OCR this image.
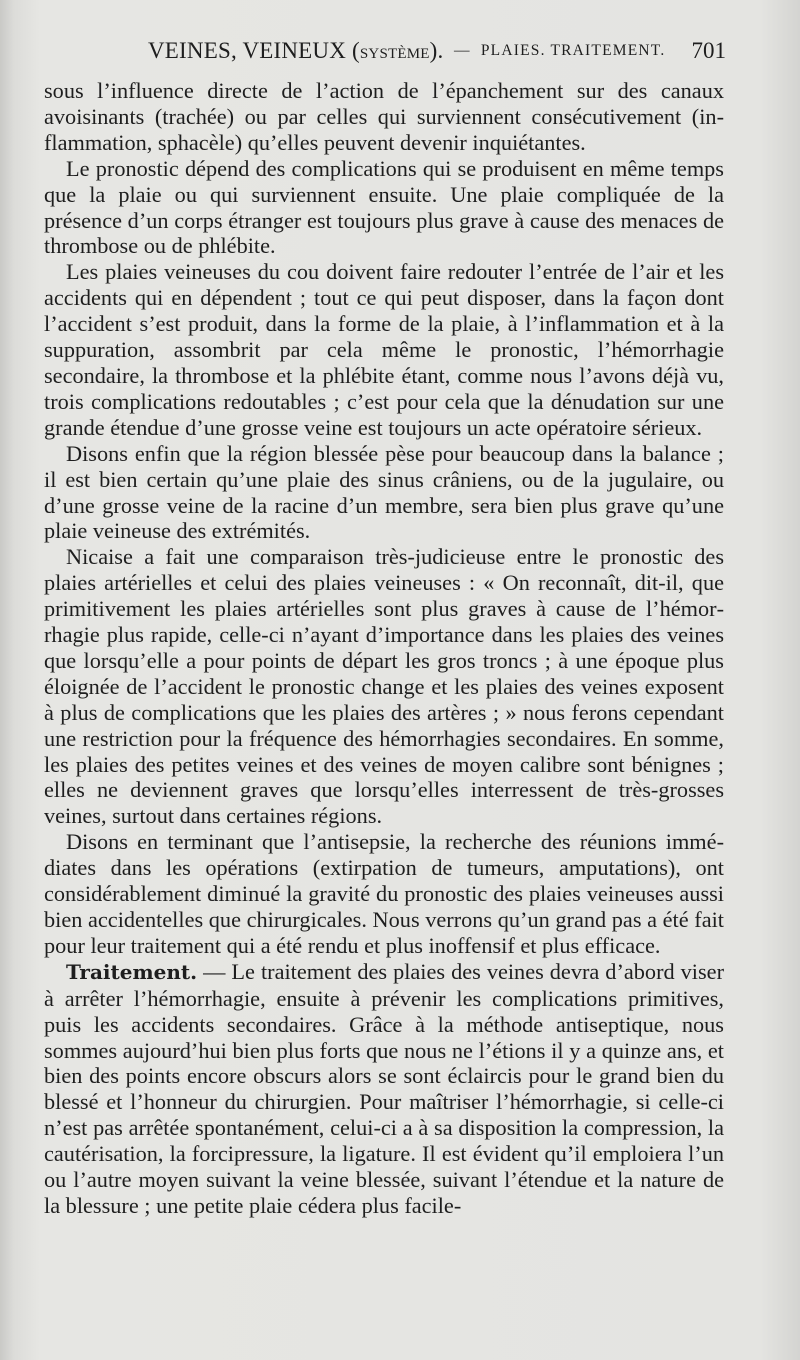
VEINES, VEINEUX (SYSTÈME). — PLAIES. TRAITEMENT. 701

sous l’influence directe de l’action de l’épanchement sur des canaux avoisinants (trachée) ou par celles qui surviennent consécutivement (inflammation, sphacèle) qu’elles peuvent devenir inquiétantes.

Le pronostic dépend des complications qui se produisent en même temps que la plaie ou qui surviennent ensuite. Une plaie compliquée de la présence d’un corps étranger est toujours plus grave à cause des menaces de thrombose ou de phlébite.

Les plaies veineuses du cou doivent faire redouter l’entrée de l’air et les accidents qui en dépendent ; tout ce qui peut disposer, dans la façon dont l’accident s’est produit, dans la forme de la plaie, à l’inflammation et à la suppuration, assombrit par cela même le pronostic, l’hémorrhagie secondaire, la thrombose et la phlébite étant, comme nous l’avons déjà vu, trois complications redoutables ; c’est pour cela que la dénudation sur une grande étendue d’une grosse veine est toujours un acte opératoire sérieux.

Disons enfin que la région blessée pèse pour beaucoup dans la balance ; il est bien certain qu’une plaie des sinus crâniens, ou de la jugulaire, ou d’une grosse veine de la racine d’un membre, sera bien plus grave qu’une plaie veineuse des extrémités.

Nicaise a fait une comparaison très-judicieuse entre le pronostic des plaies artérielles et celui des plaies veineuses : « On reconnaît, dit-il, que primitivement les plaies artérielles sont plus graves à cause de l’hémorrhagie plus rapide, celle-ci n’ayant d’importance dans les plaies des veines que lorsqu’elle a pour points de départ les gros troncs ; à une époque plus éloignée de l’accident le pronostic change et les plaies des veines exposent à plus de complications que les plaies des artères ; » nous ferons cependant une restriction pour la fréquence des hémorrhagies secondaires. En somme, les plaies des petites veines et des veines de moyen calibre sont bénignes ; elles ne deviennent graves que lorsqu’elles interressent de très-grosses veines, surtout dans certaines régions.

Disons en terminant que l’antisepsie, la recherche des réunions immédiates dans les opérations (extirpation de tumeurs, amputations), ont considérablement diminué la gravité du pronostic des plaies veineuses aussi bien accidentelles que chirurgicales. Nous verrons qu’un grand pas a été fait pour leur traitement qui a été rendu et plus inoffensif et plus efficace.

Traitement. — Le traitement des plaies des veines devra d’abord viser à arrêter l’hémorrhagie, ensuite à prévenir les complications primitives, puis les accidents secondaires. Grâce à la méthode antiseptique, nous sommes aujourd’hui bien plus forts que nous ne l’étions il y a quinze ans, et bien des points encore obscurs alors se sont éclaircis pour le grand bien du blessé et l’honneur du chirurgien. Pour maîtriser l’hémorrhagie, si celle-ci n’est pas arrêtée spontanément, celui-ci a à sa disposition la compression, la cautérisation, la forcipressure, la ligature. Il est évident qu’il emploiera l’un ou l’autre moyen suivant la veine blessée, suivant l’étendue et la nature de la blessure ; une petite plaie cédera plus facile-
